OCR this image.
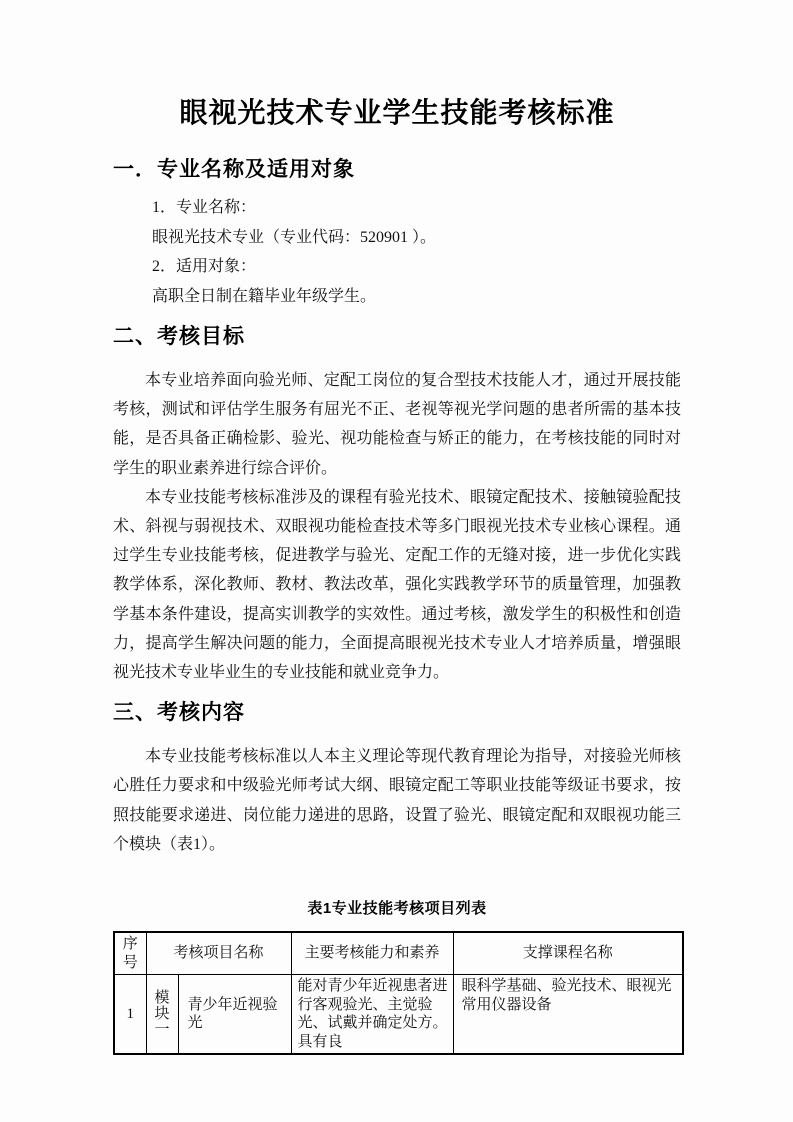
眼视光技术专业学生技能考核标准
一．专业名称及适用对象
1．专业名称：
眼视光技术专业（专业代码：520901 ）。
2．适用对象：
高职全日制在籍毕业年级学生。
二、考核目标

本专业培养面向验光师、定配工岗位的复合型技术技能人才，通过开展技能考核，测试和评估学生服务有屈光不正、老视等视光学问题的患者所需的基本技能，是否具备正确检影、验光、视功能检查与矫正的能力，在考核技能的同时对学生的职业素养进行综合评价。

本专业技能考核标准涉及的课程有验光技术、眼镜定配技术、接触镜验配技术、斜视与弱视技术、双眼视功能检查技术等多门眼视光技术专业核心课程。通过学生专业技能考核，促进教学与验光、定配工作的无缝对接，进一步优化实践教学体系，深化教师、教材、教法改革，强化实践教学环节的质量管理，加强教学基本条件建设，提高实训教学的实效性。通过考核，激发学生的积极性和创造力，提高学生解决问题的能力，全面提高眼视光技术专业人才培养质量，增强眼视光技术专业毕业生的专业技能和就业竞争力。

三、考核内容

本专业技能考核标准以人本主义理论等现代教育理论为指导，对接验光师核心胜任力要求和中级验光师考试大纲、眼镜定配工等职业技能等级证书要求，按照技能要求递进、岗位能力递进的思路，设置了验光、眼镜定配和双眼视功能三个模块（表1）。

表1专业技能考核项目列表
序号	考核项目名称		主要考核能力和素养	支撑课程名称
1	模块一	青少年近视验光	能对青少年近视患者进行客观验光、主觉验光、试戴并确定处方。具有良	眼科学基础、验光技术、眼视光常用仪器设备
